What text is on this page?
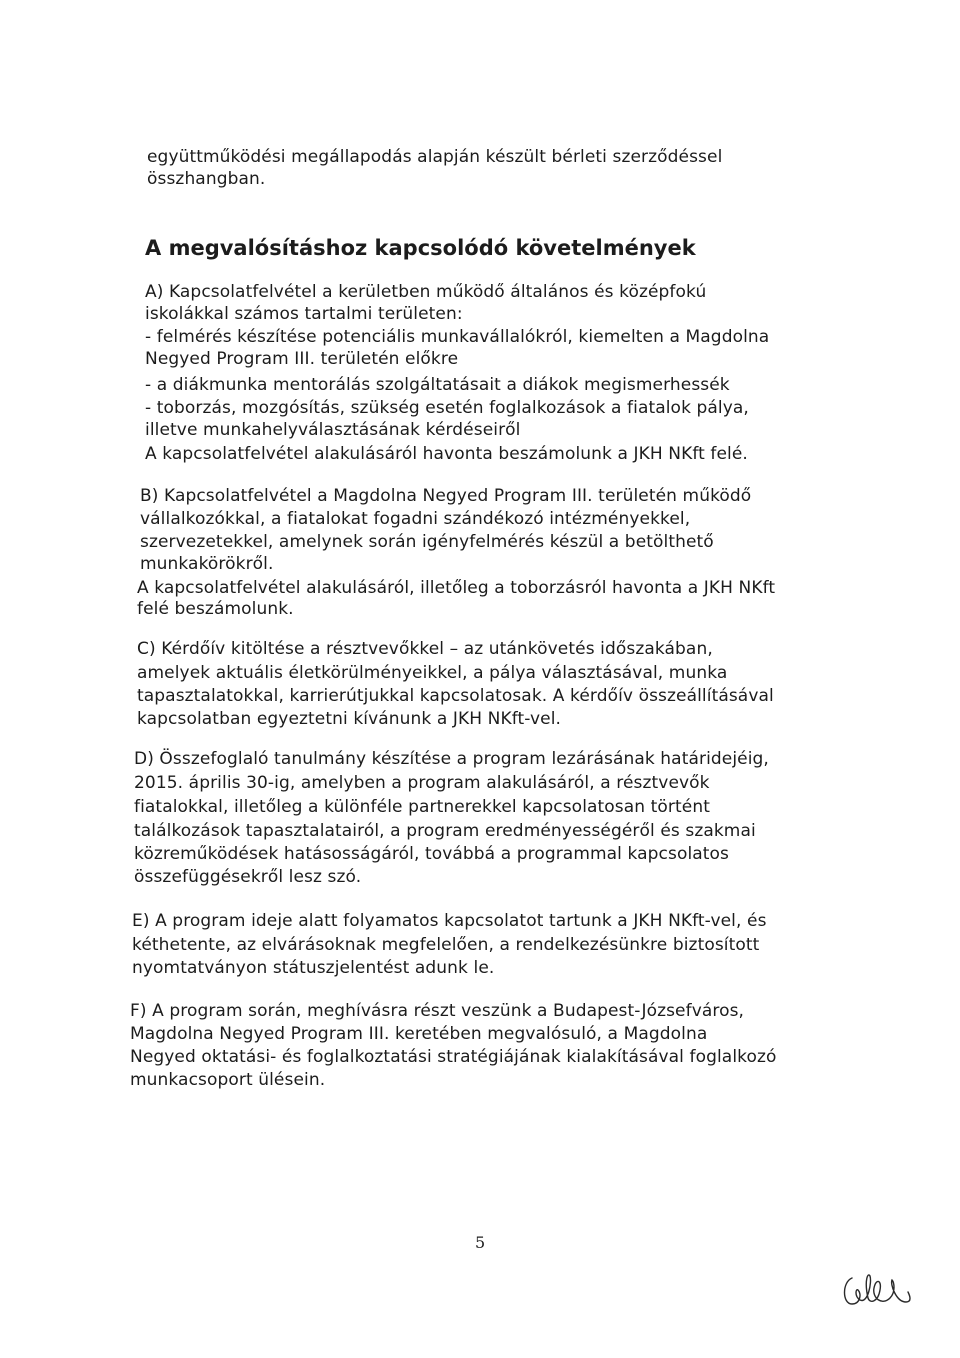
együttműködési megállapodás alapján készült bérleti szerződéssel
összhangban.
A megvalósításhoz kapcsolódó követelmények
A) Kapcsolatfelvétel a kerületben működő általános és középfokú
iskolákkal számos tartalmi területen:
- felmérés készítése potenciális munkavállalókról, kiemelten a Magdolna
Negyed Program III. területén előkre
- a diákmunka mentorálás szolgáltatásait a diákok megismerhessék
- toborzás, mozgósítás, szükség esetén foglalkozások a fiatalok pálya,
illetve munkahelyválasztásának kérdéseiről
A kapcsolatfelvétel alakulásáról havonta beszámolunk a JKH NKft felé.
B) Kapcsolatfelvétel a Magdolna Negyed Program III. területén működő
vállalkozókkal, a fiatalokat fogadni szándékozó intézményekkel,
szervezetekkel, amelynek során igényfelmérés készül a betölthető
munkakörökről.
A kapcsolatfelvétel alakulásáról, illetőleg a toborzásról havonta a JKH NKft
felé beszámolunk.
C) Kérdőív kitöltése a résztvevőkkel – az utánkövetés időszakában,
amelyek aktuális életkörülményeikkel, a pálya választásával, munka
tapasztalatokkal, karrierútjukkal kapcsolatosak. A kérdőív összeállításával
kapcsolatban egyeztetni kívánunk a JKH NKft-vel.
D) Összefoglaló tanulmány készítése a program lezárásának határidejéig,
2015. április 30-ig, amelyben a program alakulásáról, a résztvevők
fiatalokkal, illetőleg a különféle partnerekkel kapcsolatosan történt
találkozások tapasztalatairól, a program eredményességéről és szakmai
közreműködések hatásosságáról, továbbá a programmal kapcsolatos
összefüggésekről lesz szó.
E) A program ideje alatt folyamatos kapcsolatot tartunk a JKH NKft-vel, és
kéthetente, az elvárásoknak megfelelően, a rendelkezésünkre biztosított
nyomtatványon státuszjelentést adunk le.
F) A program során, meghívásra részt veszünk a Budapest-Józsefváros,
Magdolna Negyed Program III. keretében megvalósuló, a Magdolna
Negyed oktatási- és foglalkoztatási stratégiájának kialakításával foglalkozó
munkacsoport ülésein.
5
